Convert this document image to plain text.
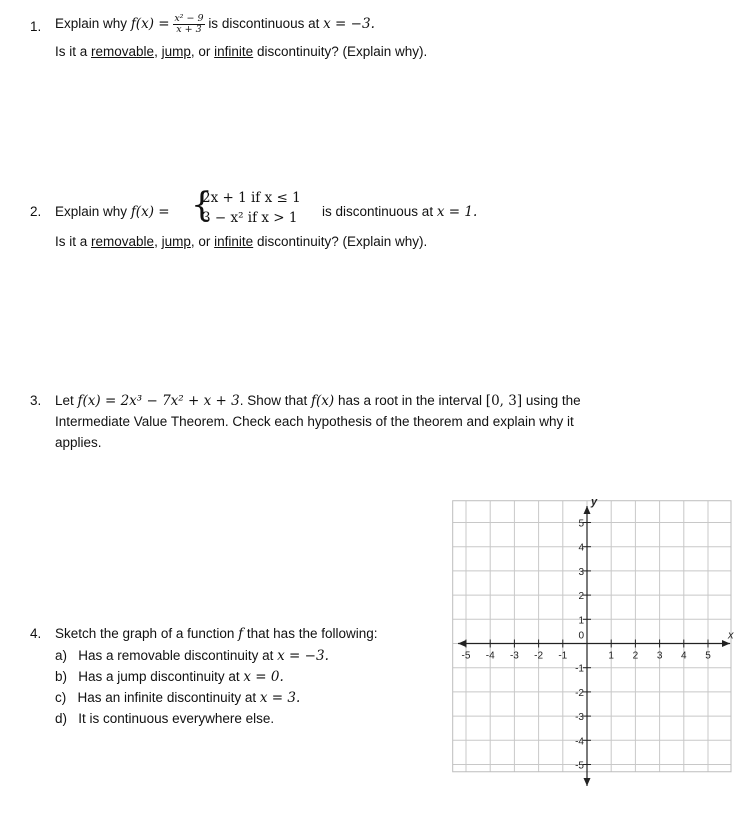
1. Explain why $f(x) = \frac{\text{x² − 9}}{x + 3}$ is discontinuous at x = −3.
Is it a removable, jump, or infinite discontinuity? (Explain why).
2. Explain why f(x) = {
2x + 1 if x ≤ 1
3 − x² if x > 1 is discontinuous at x = 1.
Is it a removable, jump, or infinite discontinuity? (Explain why).
3. Let f(x) = 2x³ − 7x² + x + 3. Show that f(x) has a root in the interval [0, 3] using the
Intermediate Value Theorem. Check each hypothesis of the theorem and explain why it
applies.
4. Sketch the graph of a function f that has the following:
a) Has a removable discontinuity at x = −3.
b) Has a jump discontinuity at x = 0.
c) Has an infinite discontinuity at x = 3.
d) It is continuous everywhere else.
-5 -4 -3 -2 -1	1 2 3 4 5
5
4
3
2
1
-1
-2
-3
-4
-5
0	x
y
